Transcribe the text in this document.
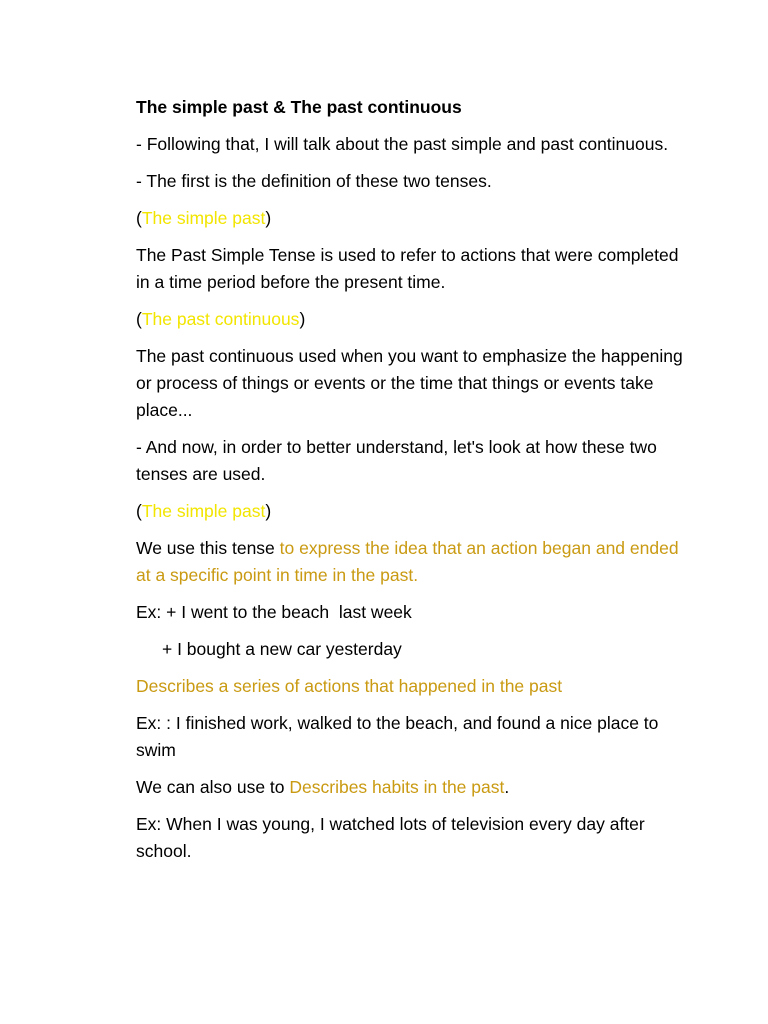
The simple past & The past continuous

- Following that, I will talk about the past simple and past continuous.

- The first is the definition of these two tenses.

(The simple past)

The Past Simple Tense is used to refer to actions that were completed in a time period before the present time.

(The past continuous)

The past continuous used when you want to emphasize the happening or process of things or events or the time that things or events take place...

- And now, in order to better understand, let's look at how these two tenses are used.

(The simple past)

We use this tense to express the idea that an action began and ended at a specific point in time in the past.

Ex: + I went to the beach  last week

+ I bought a new car yesterday

Describes a series of actions that happened in the past

Ex: : I finished work, walked to the beach, and found a nice place to swim

We can also use to Describes habits in the past.

Ex: When I was young, I watched lots of television every day after school.
